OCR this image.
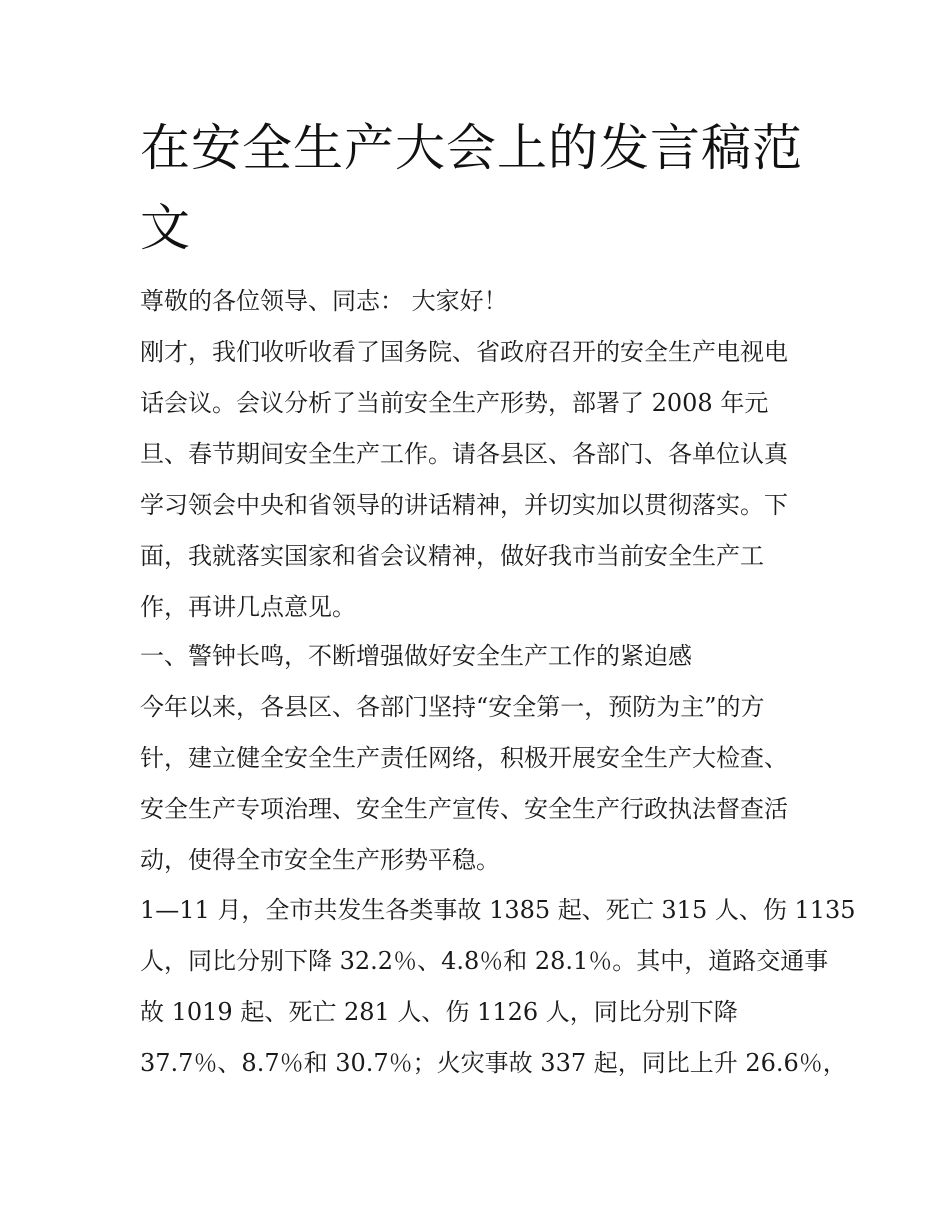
在安全生产大会上的发言稿范文

尊敬的各位领导、同志： 大家好！

刚才，我们收听收看了国务院、省政府召开的安全生产电视电

话会议。会议分析了当前安全生产形势，部署了 2008 年元

旦、春节期间安全生产工作。请各县区、各部门、各单位认真

学习领会中央和省领导的讲话精神，并切实加以贯彻落实。下

面，我就落实国家和省会议精神，做好我市当前安全生产工

作，再讲几点意见。

一、警钟长鸣，不断增强做好安全生产工作的紧迫感

今年以来，各县区、各部门坚持“安全第一，预防为主”的方

针，建立健全安全生产责任网络，积极开展安全生产大检查、

安全生产专项治理、安全生产宣传、安全生产行政执法督查活

动，使得全市安全生产形势平稳。

1—11 月，全市共发生各类事故 1385 起、死亡 315 人、伤 1135

人，同比分别下降 32.2％、4.8％和 28.1％。其中，道路交通事

故 1019 起、死亡 281 人、伤 1126 人，同比分别下降

37.7％、8.7％和 30.7％；火灾事故 337 起，同比上升 26.6％，
